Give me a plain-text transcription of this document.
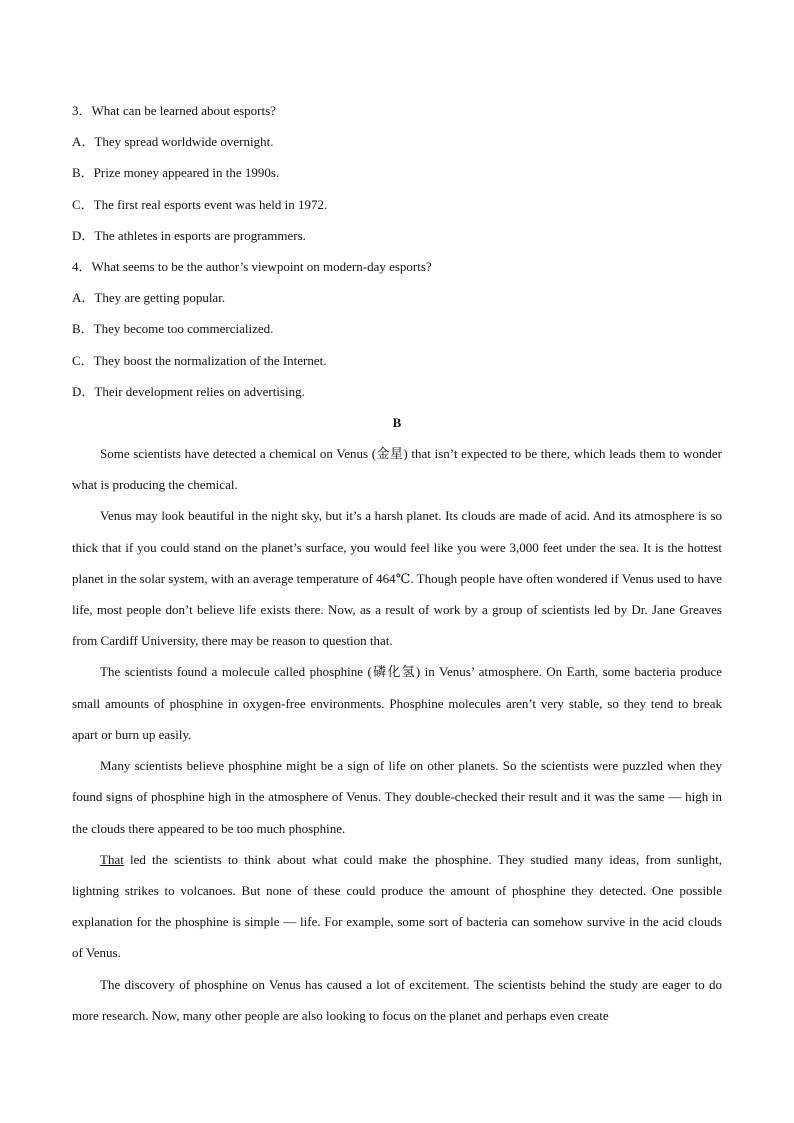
3．What can be learned about esports?
A．They spread worldwide overnight.
B．Prize money appeared in the 1990s.
C．The first real esports event was held in 1972.
D．The athletes in esports are programmers.
4．What seems to be the author’s viewpoint on modern-day esports?
A．They are getting popular.
B．They become too commercialized.
C．They boost the normalization of the Internet.
D．Their development relies on advertising.
B

Some scientists have detected a chemical on Venus (金星) that isn’t expected to be there, which leads them to wonder what is producing the chemical.

Venus may look beautiful in the night sky, but it’s a harsh planet. Its clouds are made of acid. And its atmosphere is so thick that if you could stand on the planet’s surface, you would feel like you were 3,000 feet under the sea. It is the hottest planet in the solar system, with an average temperature of 464℃. Though people have often wondered if Venus used to have life, most people don’t believe life exists there. Now, as a result of work by a group of scientists led by Dr. Jane Greaves from Cardiff University, there may be reason to question that.

The scientists found a molecule called phosphine (磷化氢) in Venus’ atmosphere. On Earth, some bacteria produce small amounts of phosphine in oxygen-free environments. Phosphine molecules aren’t very stable, so they tend to break apart or burn up easily.

Many scientists believe phosphine might be a sign of life on other planets. So the scientists were puzzled when they found signs of phosphine high in the atmosphere of Venus. They double-checked their result and it was the same — high in the clouds there appeared to be too much phosphine.

That led the scientists to think about what could make the phosphine. They studied many ideas, from sunlight, lightning strikes to volcanoes. But none of these could produce the amount of phosphine they detected. One possible explanation for the phosphine is simple — life. For example, some sort of bacteria can somehow survive in the acid clouds of Venus.

The discovery of phosphine on Venus has caused a lot of excitement. The scientists behind the study are eager to do more research. Now, many other people are also looking to focus on the planet and perhaps even create
